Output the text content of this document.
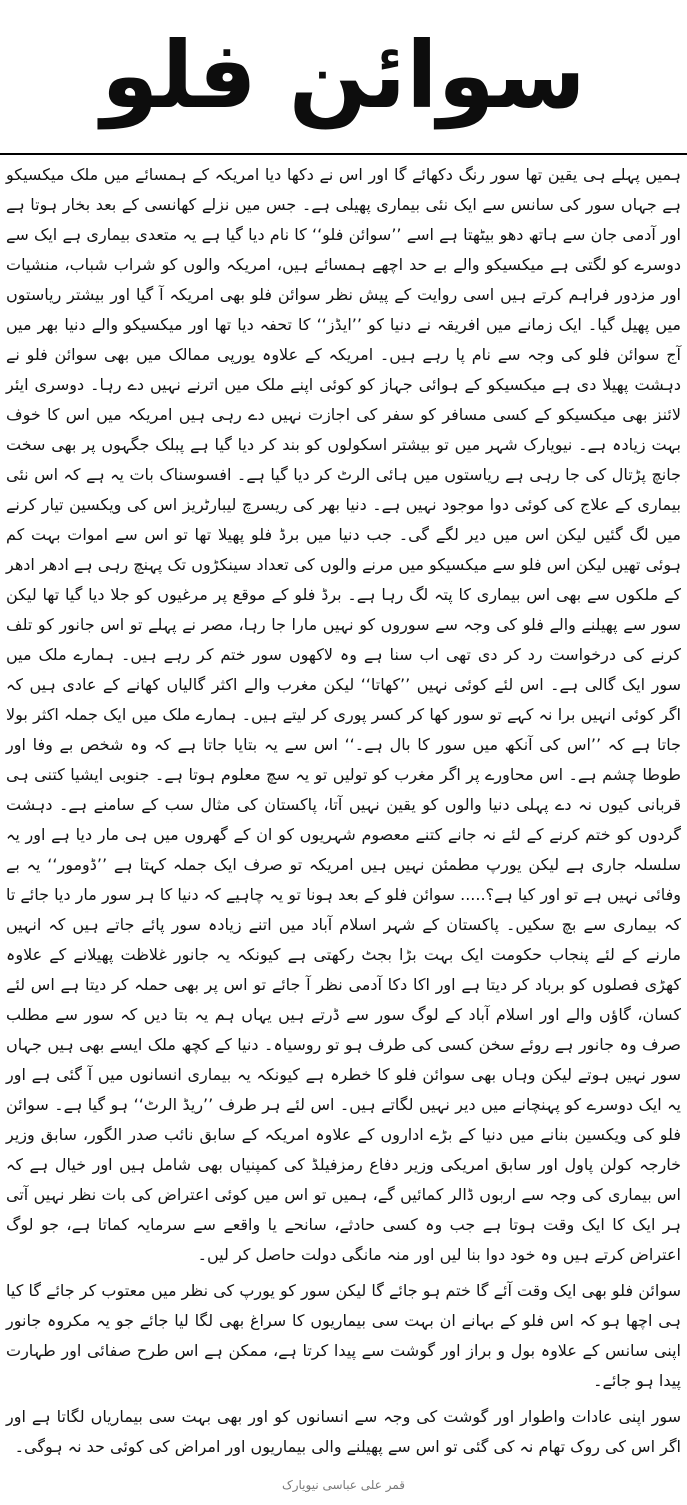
سوائن فلو

ہمیں پہلے ہی یقین تھا سور رنگ دکھائے گا اور اس نے دکھا دیا امریکہ کے ہمسائے میں ملک میکسیکو ہے جہاں سور کی سانس سے ایک نئی بیماری پھیلی ہے۔ جس میں نزلے کھانسی کے بعد بخار ہوتا ہے اور آدمی جان سے ہاتھ دھو بیٹھتا ہے اسے ’’سوائن فلو‘‘ کا نام دیا گیا ہے یہ متعدی بیماری ہے ایک سے دوسرے کو لگتی ہے میکسیکو والے بے حد اچھے ہمسائے ہیں، امریکہ والوں کو شراب شباب، منشیات اور مزدور فراہم کرتے ہیں اسی روایت کے پیش نظر سوائن فلو بھی امریکہ آ گیا اور بیشتر ریاستوں میں پھیل گیا۔ ایک زمانے میں افریقہ نے دنیا کو ’’ایڈز‘‘ کا تحفہ دیا تھا اور میکسیکو والے دنیا بھر میں آج سوائن فلو کی وجہ سے نام پا رہے ہیں۔ امریکہ کے علاوہ یورپی ممالک میں بھی سوائن فلو نے دہشت پھیلا دی ہے میکسیکو کے ہوائی جہاز کو کوئی اپنے ملک میں اترنے نہیں دے رہا۔ دوسری ایئر لائنز بھی میکسیکو کے کسی مسافر کو سفر کی اجازت نہیں دے رہی ہیں امریکہ میں اس کا خوف بہت زیادہ ہے۔ نیویارک شہر میں تو بیشتر اسکولوں کو بند کر دیا گیا ہے پبلک جگہوں پر بھی سخت جانچ پڑتال کی جا رہی ہے ریاستوں میں ہائی الرٹ کر دیا گیا ہے۔ افسوسناک بات یہ ہے کہ اس نئی بیماری کے علاج کی کوئی دوا موجود نہیں ہے۔ دنیا بھر کی ریسرچ لیبارٹریز اس کی ویکسین تیار کرنے میں لگ گئیں لیکن اس میں دیر لگے گی۔ جب دنیا میں برڈ فلو پھیلا تھا تو اس سے اموات بہت کم ہوئی تھیں لیکن اس فلو سے میکسیکو میں مرنے والوں کی تعداد سینکڑوں تک پہنچ رہی ہے ادھر ادھر کے ملکوں سے بھی اس بیماری کا پتہ لگ رہا ہے۔ برڈ فلو کے موقع پر مرغیوں کو جلا دیا گیا تھا لیکن سور سے پھیلنے والے فلو کی وجہ سے سوروں کو نہیں مارا جا رہا، مصر نے پہلے تو اس جانور کو تلف کرنے کی درخواست رد کر دی تھی اب سنا ہے وہ لاکھوں سور ختم کر رہے ہیں۔ ہمارے ملک میں سور ایک گالی ہے۔ اس لئے کوئی نہیں ’’کھاتا‘‘ لیکن مغرب والے اکثر گالیاں کھانے کے عادی ہیں کہ اگر کوئی انہیں برا نہ کہے تو سور کھا کر کسر پوری کر لیتے ہیں۔ ہمارے ملک میں ایک جملہ اکثر بولا جاتا ہے کہ ’’اس کی آنکھ میں سور کا بال ہے۔‘‘ اس سے یہ بتایا جاتا ہے کہ وہ شخص بے وفا اور طوطا چشم ہے۔ اس محاورے پر اگر مغرب کو تولیں تو یہ سچ معلوم ہوتا ہے۔ جنوبی ایشیا کتنی ہی قربانی کیوں نہ دے پہلی دنیا والوں کو یقین نہیں آتا، پاکستان کی مثال سب کے سامنے ہے۔ دہشت گردوں کو ختم کرنے کے لئے نہ جانے کتنے معصوم شہریوں کو ان کے گھروں میں ہی مار دیا ہے اور یہ سلسلہ جاری ہے لیکن یورپ مطمئن نہیں ہیں امریکہ تو صرف ایک جملہ کہتا ہے ’’ڈومور‘‘ یہ بے وفائی نہیں ہے تو اور کیا ہے؟..... سوائن فلو کے بعد ہونا تو یہ چاہیے کہ دنیا کا ہر سور مار دیا جائے تا کہ بیماری سے بچ سکیں۔ پاکستان کے شہر اسلام آباد میں اتنے زیادہ سور پائے جاتے ہیں کہ انہیں مارنے کے لئے پنجاب حکومت ایک بہت بڑا بجٹ رکھتی ہے کیونکہ یہ جانور غلاظت پھیلانے کے علاوہ کھڑی فصلوں کو برباد کر دیتا ہے اور اکا دکا آدمی نظر آ جائے تو اس پر بھی حملہ کر دیتا ہے اس لئے کسان، گاؤں والے اور اسلام آباد کے لوگ سور سے ڈرتے ہیں یہاں ہم یہ بتا دیں کہ سور سے مطلب صرف وہ جانور ہے روئے سخن کسی کی طرف ہو تو روسیاہ۔ دنیا کے کچھ ملک ایسے بھی ہیں جہاں سور نہیں ہوتے لیکن وہاں بھی سوائن فلو کا خطرہ ہے کیونکہ یہ بیماری انسانوں میں آ گئی ہے اور یہ ایک دوسرے کو پہنچانے میں دیر نہیں لگاتے ہیں۔ اس لئے ہر طرف ’’ریڈ الرٹ‘‘ ہو گیا ہے۔ سوائن فلو کی ویکسین بنانے میں دنیا کے بڑے اداروں کے علاوہ امریکہ کے سابق نائب صدر الگور، سابق وزیر خارجہ کولن پاول اور سابق امریکی وزیر دفاع رمزفیلڈ کی کمپنیاں بھی شامل ہیں اور خیال ہے کہ اس بیماری کی وجہ سے اربوں ڈالر کمائیں گے، ہمیں تو اس میں کوئی اعتراض کی بات نظر نہیں آتی ہر ایک کا ایک وقت ہوتا ہے جب وہ کسی حادثے، سانحے یا واقعے سے سرمایہ کماتا ہے، جو لوگ اعتراض کرتے ہیں وہ خود دوا بنا لیں اور منہ مانگی دولت حاصل کر لیں۔

سوائن فلو بھی ایک وقت آئے گا ختم ہو جائے گا لیکن سور کو یورپ کی نظر میں معتوب کر جائے گا کیا ہی اچھا ہو کہ اس فلو کے بہانے ان بہت سی بیماریوں کا سراغ بھی لگا لیا جائے جو یہ مکروہ جانور اپنی سانس کے علاوہ بول و براز اور گوشت سے پیدا کرتا ہے، ممکن ہے اس طرح صفائی اور طہارت پیدا ہو جائے۔

سور اپنی عادات واطوار اور گوشت کی وجہ سے انسانوں کو اور بھی بہت سی بیماریاں لگاتا ہے اور اگر اس کی روک تھام نہ کی گئی تو اس سے پھیلنے والی بیماریوں اور امراض کی کوئی حد نہ ہوگی۔

قمر علی عباسی نیویارک
